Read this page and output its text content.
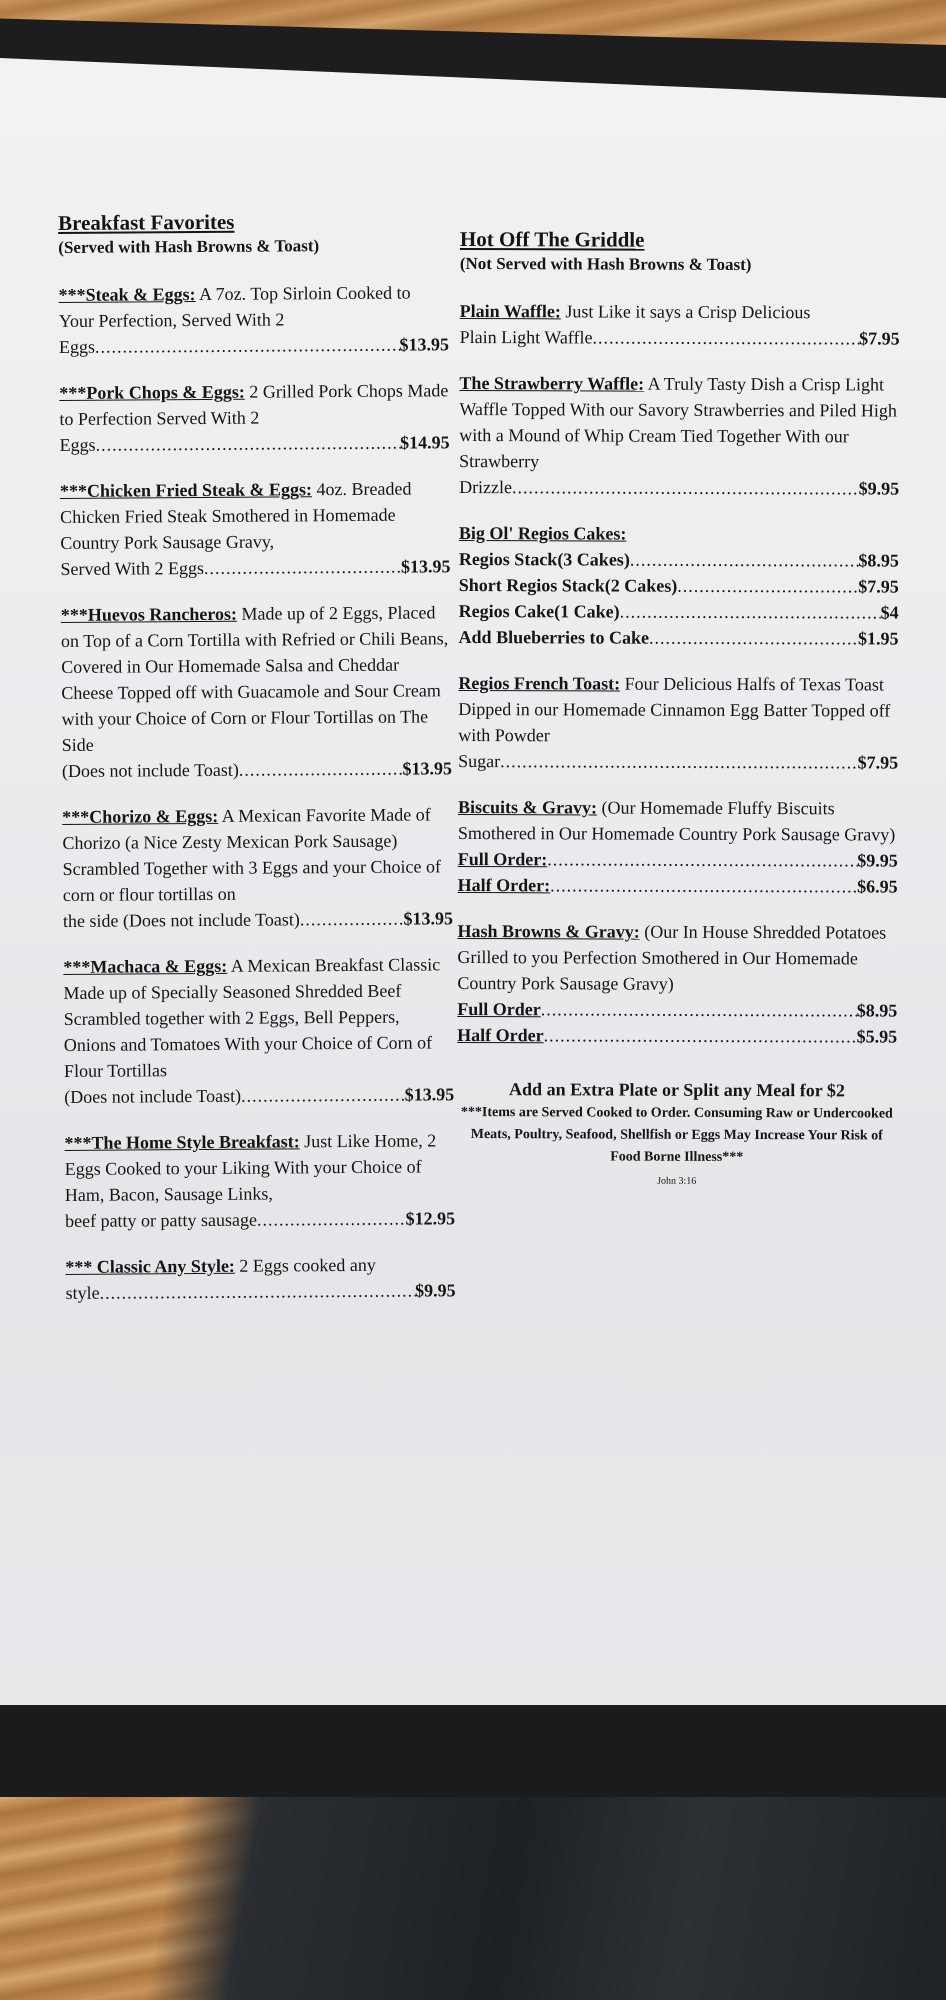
Breakfast Favorites
(Served with Hash Browns & Toast)
***Steak & Eggs: A 7oz. Top Sirloin Cooked to Your Perfection, Served With 2
Eggs .....	$13.95
***Pork Chops & Eggs: 2 Grilled Pork Chops Made to Perfection Served With 2
Eggs .....	$14.95
***Chicken Fried Steak & Eggs: 4oz. Breaded Chicken Fried Steak Smothered in Homemade Country Pork Sausage Gravy,
Served With 2 Eggs .....	$13.95
***Huevos Rancheros: Made up of 2 Eggs, Placed on Top of a Corn Tortilla with Refried or Chili Beans, Covered in Our Homemade Salsa and Cheddar Cheese Topped off with Guacamole and Sour Cream with your Choice of Corn or Flour Tortillas on The Side
(Does not include Toast) .....	$13.95
***Chorizo & Eggs: A Mexican Favorite Made of Chorizo (a Nice Zesty Mexican Pork Sausage) Scrambled Together with 3 Eggs and your Choice of corn or flour tortillas on
the side (Does not include Toast) .....	$13.95
***Machaca & Eggs: A Mexican Breakfast Classic Made up of Specially Seasoned Shredded Beef Scrambled together with 2 Eggs, Bell Peppers, Onions and Tomatoes With your Choice of Corn of Flour Tortillas
(Does not include Toast) .....	$13.95
***The Home Style Breakfast: Just Like Home, 2 Eggs Cooked to your Liking With your Choice of Ham, Bacon, Sausage Links,
beef patty or patty sausage .....	$12.95
*** Classic Any Style: 2 Eggs cooked any
style .....	$9.95
Hot Off The Griddle
(Not Served with Hash Browns & Toast)
Plain Waffle: Just Like it says a Crisp Delicious
Plain Light Waffle .....	$7.95
The Strawberry Waffle: A Truly Tasty Dish a Crisp Light Waffle Topped With our Savory Strawberries and Piled High with a Mound of Whip Cream Tied Together With our Strawberry
Drizzle .....	$9.95
Big Ol' Regios Cakes:
Regios Stack(3 Cakes) .....	$8.95
Short Regios Stack(2 Cakes) .....	$7.95
Regios Cake(1 Cake) .....	$4
Add Blueberries to Cake .....	$1.95
Regios French Toast: Four Delicious Halfs of Texas Toast Dipped in our Homemade Cinnamon Egg Batter Topped off with Powder
Sugar .....	$7.95
Biscuits & Gravy: (Our Homemade Fluffy Biscuits Smothered in Our Homemade Country Pork Sausage Gravy)
Full Order: .....	$9.95
Half Order: .....	$6.95
Hash Browns & Gravy: (Our In House Shredded Potatoes Grilled to you Perfection Smothered in Our Homemade Country Pork Sausage Gravy)
Full Order .....	$8.95
Half Order .....	$5.95
Add an Extra Plate or Split any Meal for $2
***Items are Served Cooked to Order. Consuming Raw or Undercooked Meats, Poultry, Seafood, Shellfish or Eggs May Increase Your Risk of Food Borne Illness***
John 3:16
